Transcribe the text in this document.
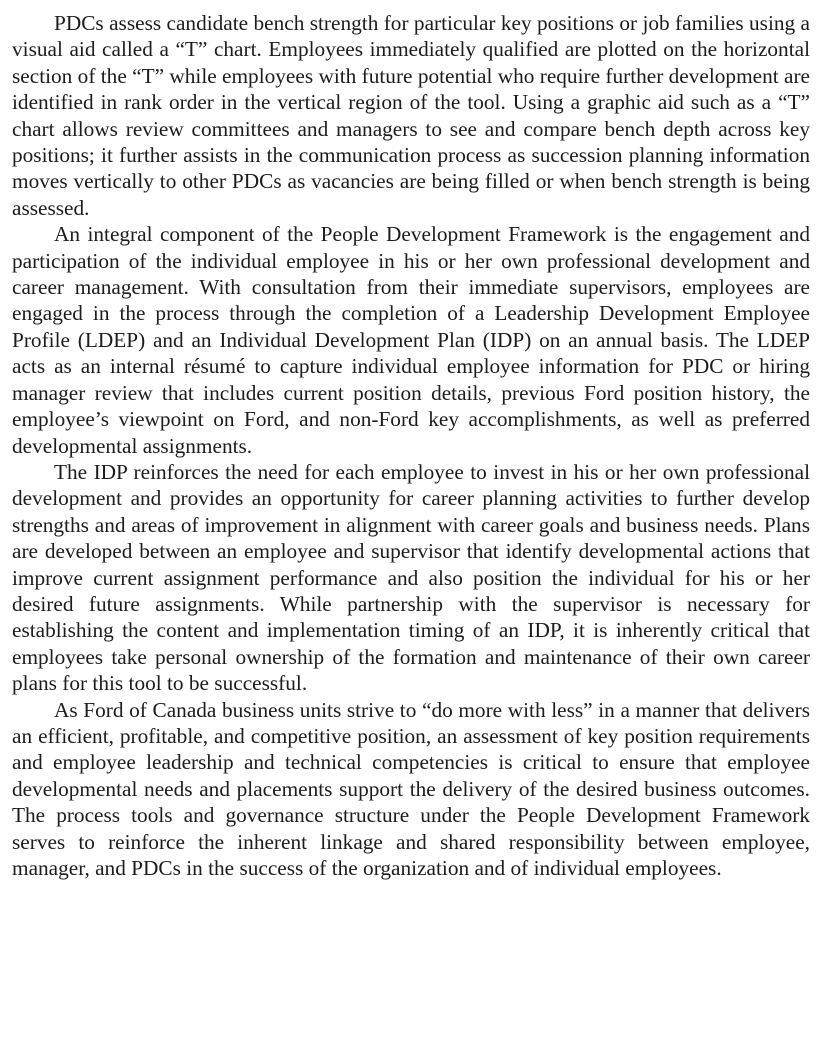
PDCs assess candidate bench strength for particular key positions or job families using a visual aid called a “T” chart. Employees immediately qualified are plotted on the horizontal section of the “T” while employees with future potential who require further development are identified in rank order in the vertical region of the tool. Using a graphic aid such as a “T” chart allows review committees and managers to see and compare bench depth across key positions; it further assists in the communication process as succession planning information moves vertically to other PDCs as vacancies are being filled or when bench strength is being assessed.

An integral component of the People Development Framework is the engagement and participation of the individual employee in his or her own professional development and career management. With consultation from their immediate supervisors, employees are engaged in the process through the completion of a Leadership Development Employee Profile (LDEP) and an Individual Development Plan (IDP) on an annual basis. The LDEP acts as an internal résumé to capture individual employee information for PDC or hiring manager review that includes current position details, previous Ford position history, the employee’s viewpoint on Ford, and non-Ford key accomplishments, as well as preferred developmental assignments.

The IDP reinforces the need for each employee to invest in his or her own professional development and provides an opportunity for career planning activities to further develop strengths and areas of improvement in alignment with career goals and business needs. Plans are developed between an employee and supervisor that identify developmental actions that improve current assignment performance and also position the individual for his or her desired future assignments. While partnership with the supervisor is necessary for establishing the content and implementation timing of an IDP, it is inherently critical that employees take personal ownership of the formation and maintenance of their own career plans for this tool to be successful.

As Ford of Canada business units strive to “do more with less” in a manner that delivers an efficient, profitable, and competitive position, an assessment of key position requirements and employee leadership and technical competencies is critical to ensure that employee developmental needs and placements support the delivery of the desired business outcomes. The process tools and governance structure under the People Development Framework serves to reinforce the inherent linkage and shared responsibility between employee, manager, and PDCs in the success of the organization and of individual employees.
